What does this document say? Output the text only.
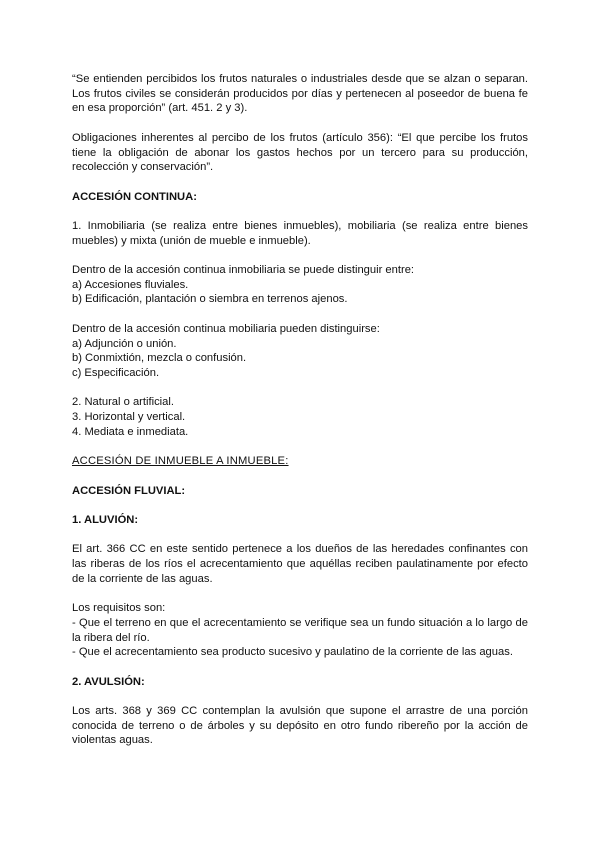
“Se entienden percibidos los frutos naturales o industriales desde que se alzan o separan. Los frutos civiles se considerán producidos por días y pertenecen al poseedor de buena fe en esa proporción” (art. 451. 2 y 3).

Obligaciones inherentes al percibo de los frutos (artículo 356): “El que percibe los frutos tiene la obligación de abonar los gastos hechos por un tercero para su producción, recolección y conservación”.

ACCESIÓN CONTINUA:

1. Inmobiliaria (se realiza entre bienes inmuebles), mobiliaria (se realiza entre bienes muebles) y mixta (unión de mueble e inmueble).

Dentro de la accesión continua inmobiliaria se puede distinguir entre:
a) Accesiones fluviales.
b) Edificación, plantación o siembra en terrenos ajenos.
Dentro de la accesión continua mobiliaria pueden distinguirse:
a) Adjunción o unión.
b) Conmixtión, mezcla o confusión.
c) Especificación.
2. Natural o artificial.
3. Horizontal y vertical.
4. Mediata e inmediata.

ACCESIÓN DE INMUEBLE A INMUEBLE:

ACCESIÓN FLUVIAL:

1. ALUVIÓN:

El art. 366 CC en este sentido pertenece a los dueños de las heredades confinantes con las riberas de los ríos el acrecentamiento que aquéllas reciben paulatinamente por efecto de la corriente de las aguas.

Los requisitos son:
- Que el terreno en que el acrecentamiento se verifique sea un fundo situación a lo largo de la ribera del río.
- Que el acrecentamiento sea producto sucesivo y paulatino de la corriente de las aguas.

2. AVULSIÓN:

Los arts. 368 y 369 CC contemplan la avulsión que supone el arrastre de una porción conocida de terreno o de árboles y su depósito en otro fundo ribereño por la acción de violentas aguas.
